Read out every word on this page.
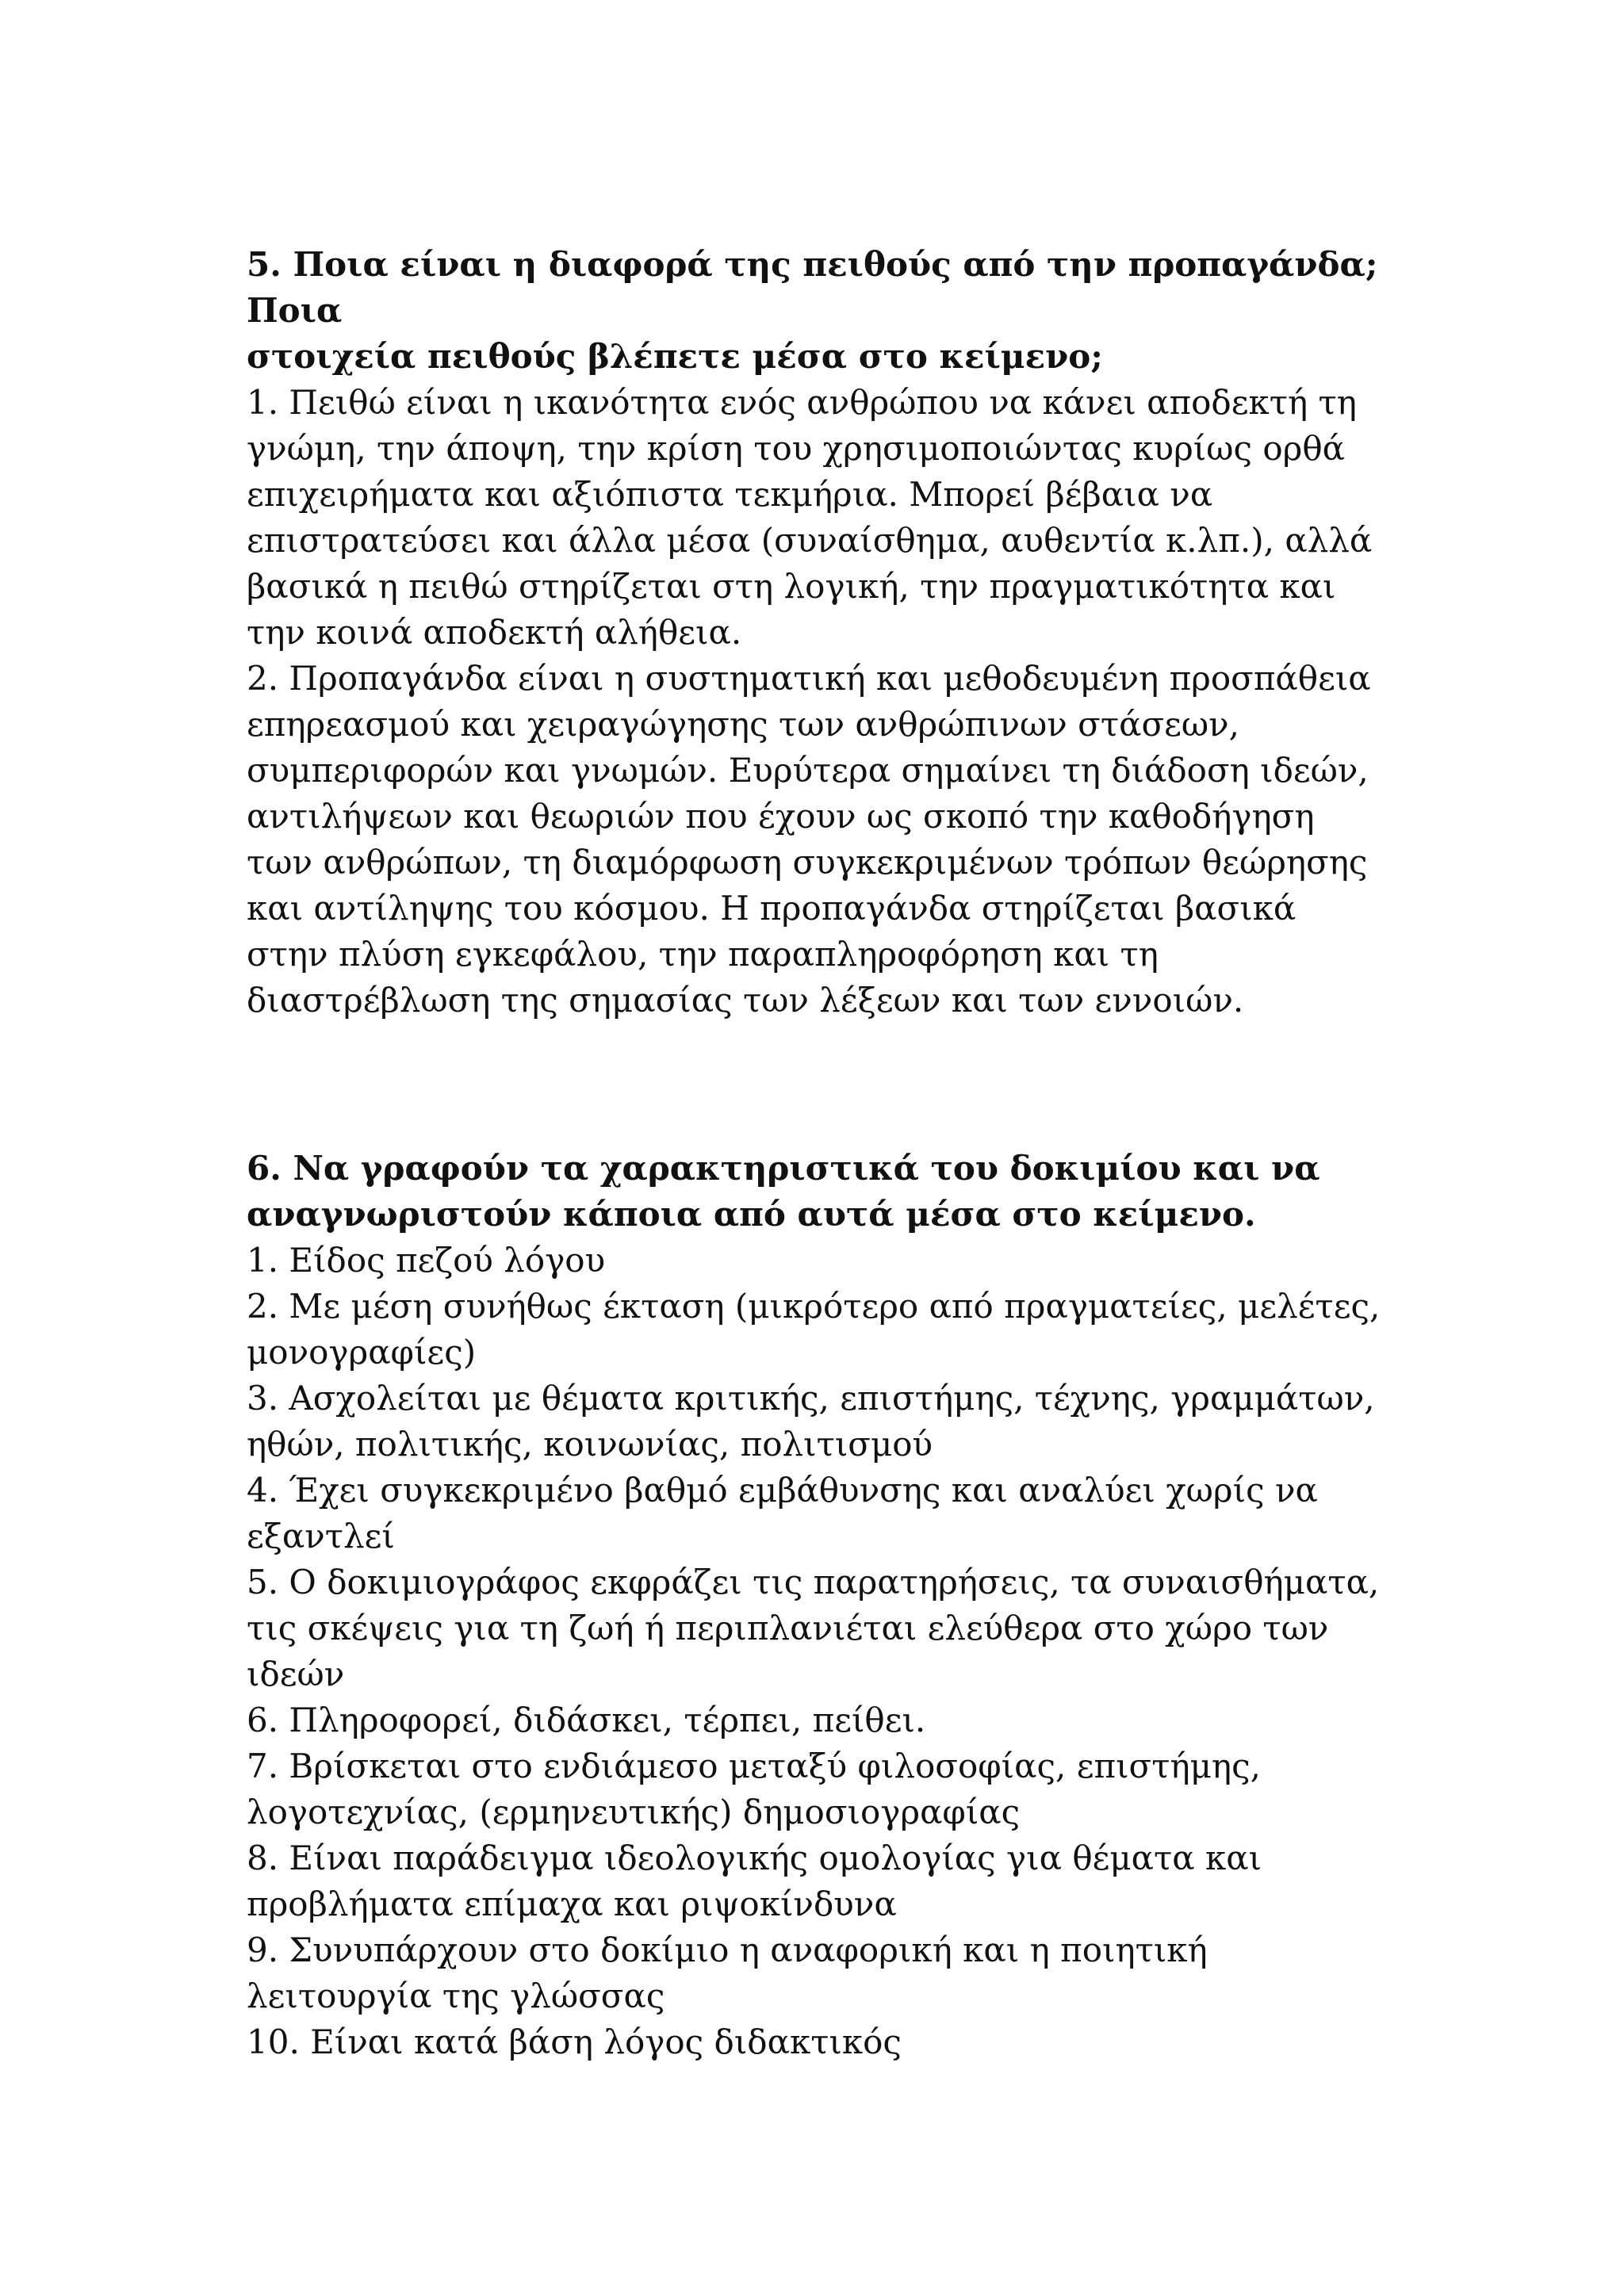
5. Ποια είναι η διαφορά της πειθούς από την προπαγάνδα; Ποια
στοιχεία πειθούς βλέπετε μέσα στο κείμενο;

1. Πειθώ είναι η ικανότητα ενός ανθρώπου να κάνει αποδεκτή τη
γνώμη, την άποψη, την κρίση του χρησιμοποιώντας κυρίως ορθά
επιχειρήματα και αξιόπιστα τεκμήρια. Μπορεί βέβαια να
επιστρατεύσει και άλλα μέσα (συναίσθημα, αυθεντία κ.λπ.), αλλά
βασικά η πειθώ στηρίζεται στη λογική, την πραγματικότητα και
την κοινά αποδεκτή αλήθεια.
2. Προπαγάνδα είναι η συστηματική και μεθοδευμένη προσπάθεια
επηρεασμού και χειραγώγησης των ανθρώπινων στάσεων,
συμπεριφορών και γνωμών. Ευρύτερα σημαίνει τη διάδοση ιδεών,
αντιλήψεων και θεωριών που έχουν ως σκοπό την καθοδήγηση
των ανθρώπων, τη διαμόρφωση συγκεκριμένων τρόπων θεώρησης
και αντίληψης του κόσμου. Η προπαγάνδα στηρίζεται βασικά
στην πλύση εγκεφάλου, την παραπληροφόρηση και τη
διαστρέβλωση της σημασίας των λέξεων και των εννοιών.

6. Να γραφούν τα χαρακτηριστικά του δοκιμίου και να
αναγνωριστούν κάποια από αυτά μέσα στο κείμενο.

1. Είδος πεζού λόγου
2. Με μέση συνήθως έκταση (μικρότερο από πραγματείες, μελέτες,
μονογραφίες)
3. Ασχολείται με θέματα κριτικής, επιστήμης, τέχνης, γραμμάτων,
ηθών, πολιτικής, κοινωνίας, πολιτισμού
4. Έχει συγκεκριμένο βαθμό εμβάθυνσης και αναλύει χωρίς να
εξαντλεί
5. Ο δοκιμιογράφος εκφράζει τις παρατηρήσεις, τα συναισθήματα,
τις σκέψεις για τη ζωή ή περιπλανιέται ελεύθερα στο χώρο των
ιδεών
6. Πληροφορεί, διδάσκει, τέρπει, πείθει.
7. Βρίσκεται στο ενδιάμεσο μεταξύ φιλοσοφίας, επιστήμης,
λογοτεχνίας, (ερμηνευτικής) δημοσιογραφίας
8. Είναι παράδειγμα ιδεολογικής ομολογίας για θέματα και
προβλήματα επίμαχα και ριψοκίνδυνα
9. Συνυπάρχουν στο δοκίμιο η αναφορική και η ποιητική
λειτουργία της γλώσσας
10. Είναι κατά βάση λόγος διδακτικός
